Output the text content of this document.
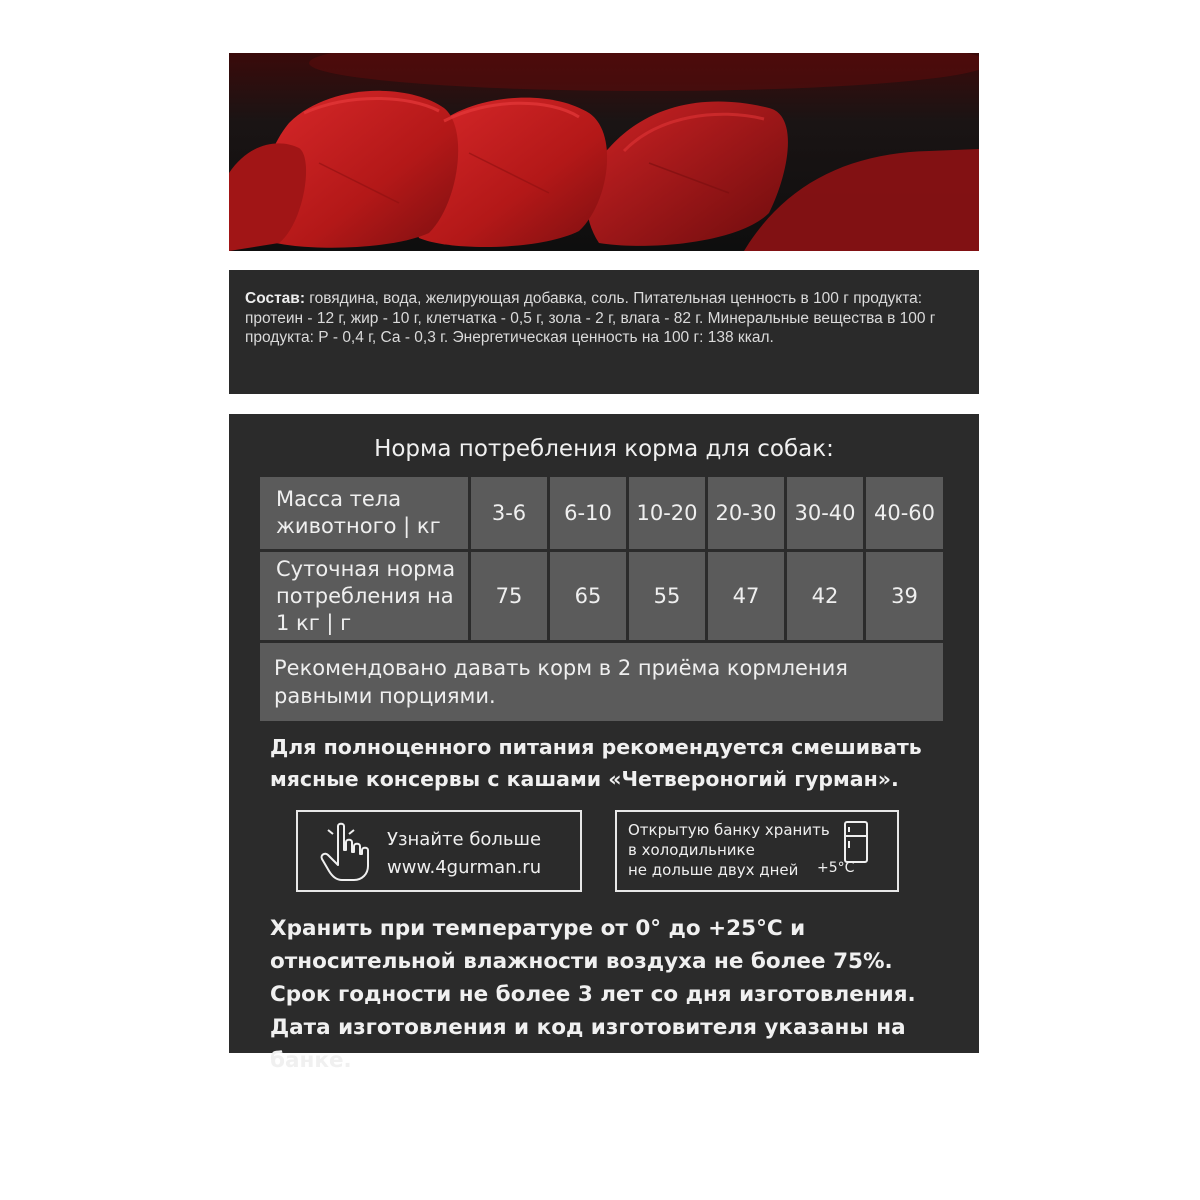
Состав: говядина, вода, желирующая добавка, соль. Питательная ценность в 100 г продукта: протеин - 12 г, жир - 10 г, клетчатка - 0,5 г, зола - 2 г, влага - 82 г. Минеральные вещества в 100 г продукта: Р - 0,4 г, Са - 0,3 г. Энергетическая ценность на 100 г: 138 ккал.
Норма потребления корма для собак:
Масса тела животного | кг
3-6	6-10	10-20 20-30 30-40 40-60
Суточная норма потребления на 1 кг | г
75	65	55	47	42	39
Рекомендовано давать корм в 2 приёма кормления равными порциями.
Для полноценного питания рекомендуется смешивать мясные консервы с кашами «Четвероногий гурман».
Узнайте больше
www.4gurman.ru
Открытую банку хранить
в холодильнике
не дольше двух дней	+5°C
Хранить при температуре от 0° до +25°С и относительной влажности воздуха не более 75%. Срок годности не более 3 лет со дня изготовления. Дата изготовления и код изготовителя указаны на банке.
